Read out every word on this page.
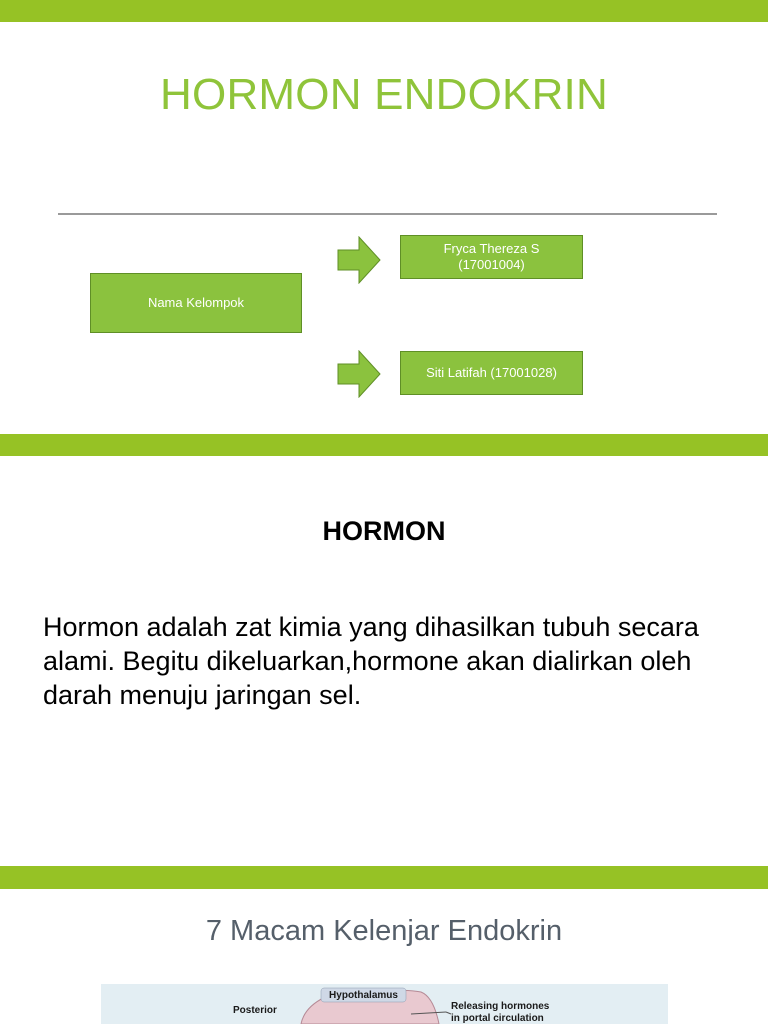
HORMON ENDOKRIN
Nama Kelompok
Fryca Thereza S
(17001004)
Siti Latifah (17001028)
HORMON
Hormon adalah zat kimia yang dihasilkan tubuh secara alami. Begitu dikeluarkan,hormone akan dialirkan oleh darah menuju jaringan sel.
7 Macam Kelenjar Endokrin
Hypothalamus
Posterior	Releasing hormones
in portal circulation
